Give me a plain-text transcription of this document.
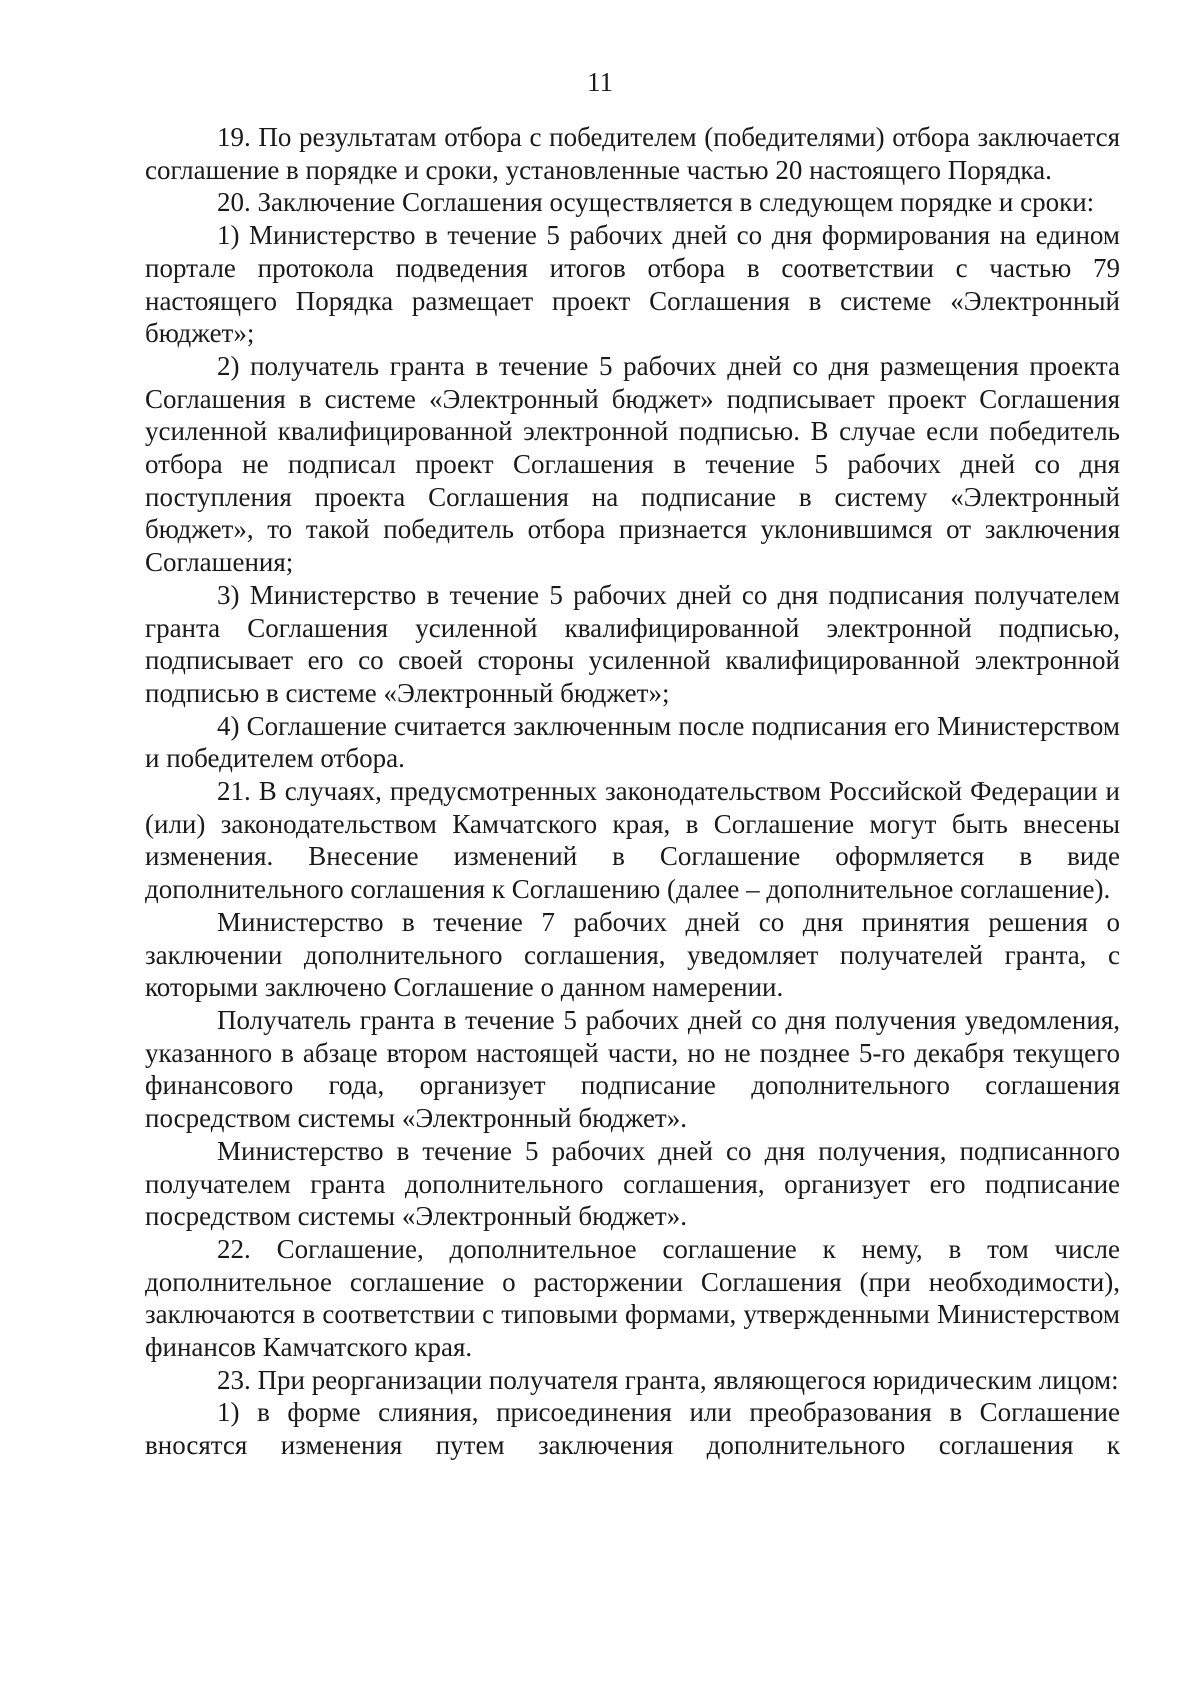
11

19. По результатам отбора с победителем (победителями) отбора заключается соглашение в порядке и сроки, установленные частью 20 настоящего Порядка.

20. Заключение Соглашения осуществляется в следующем порядке и сроки:

1) Министерство в течение 5 рабочих дней со дня формирования на едином портале протокола подведения итогов отбора в соответствии с частью 79 настоящего Порядка размещает проект Соглашения в системе «Электронный бюджет»;

2) получатель гранта в течение 5 рабочих дней со дня размещения проекта Соглашения в системе «Электронный бюджет» подписывает проект Соглашения усиленной квалифицированной электронной подписью. В случае если победитель отбора не подписал проект Соглашения в течение 5 рабочих дней со дня поступления проекта Соглашения на подписание в систему «Электронный бюджет», то такой победитель отбора признается уклонившимся от заключения Соглашения;

3) Министерство в течение 5 рабочих дней со дня подписания получателем гранта Соглашения усиленной квалифицированной электронной подписью, подписывает его со своей стороны усиленной квалифицированной электронной подписью в системе «Электронный бюджет»;

4) Соглашение считается заключенным после подписания его Министерством и победителем отбора.

21. В случаях, предусмотренных законодательством Российской Федерации и (или) законодательством Камчатского края, в Соглашение могут быть внесены изменения. Внесение изменений в Соглашение оформляется в виде дополнительного соглашения к Соглашению (далее – дополнительное соглашение).

Министерство в течение 7 рабочих дней со дня принятия решения о заключении дополнительного соглашения, уведомляет получателей гранта, с которыми заключено Соглашение о данном намерении.

Получатель гранта в течение 5 рабочих дней со дня получения уведомления, указанного в абзаце втором настоящей части, но не позднее 5-го декабря текущего финансового года, организует подписание дополнительного соглашения посредством системы «Электронный бюджет».

Министерство в течение 5 рабочих дней со дня получения, подписанного получателем гранта дополнительного соглашения, организует его подписание посредством системы «Электронный бюджет».

22. Соглашение, дополнительное соглашение к нему, в том числе дополнительное соглашение о расторжении Соглашения (при необходимости), заключаются в соответствии с типовыми формами, утвержденными Министерством финансов Камчатского края.

23. При реорганизации получателя гранта, являющегося юридическим лицом:

1) в форме слияния, присоединения или преобразования в Соглашение вносятся изменения путем заключения дополнительного соглашения к
